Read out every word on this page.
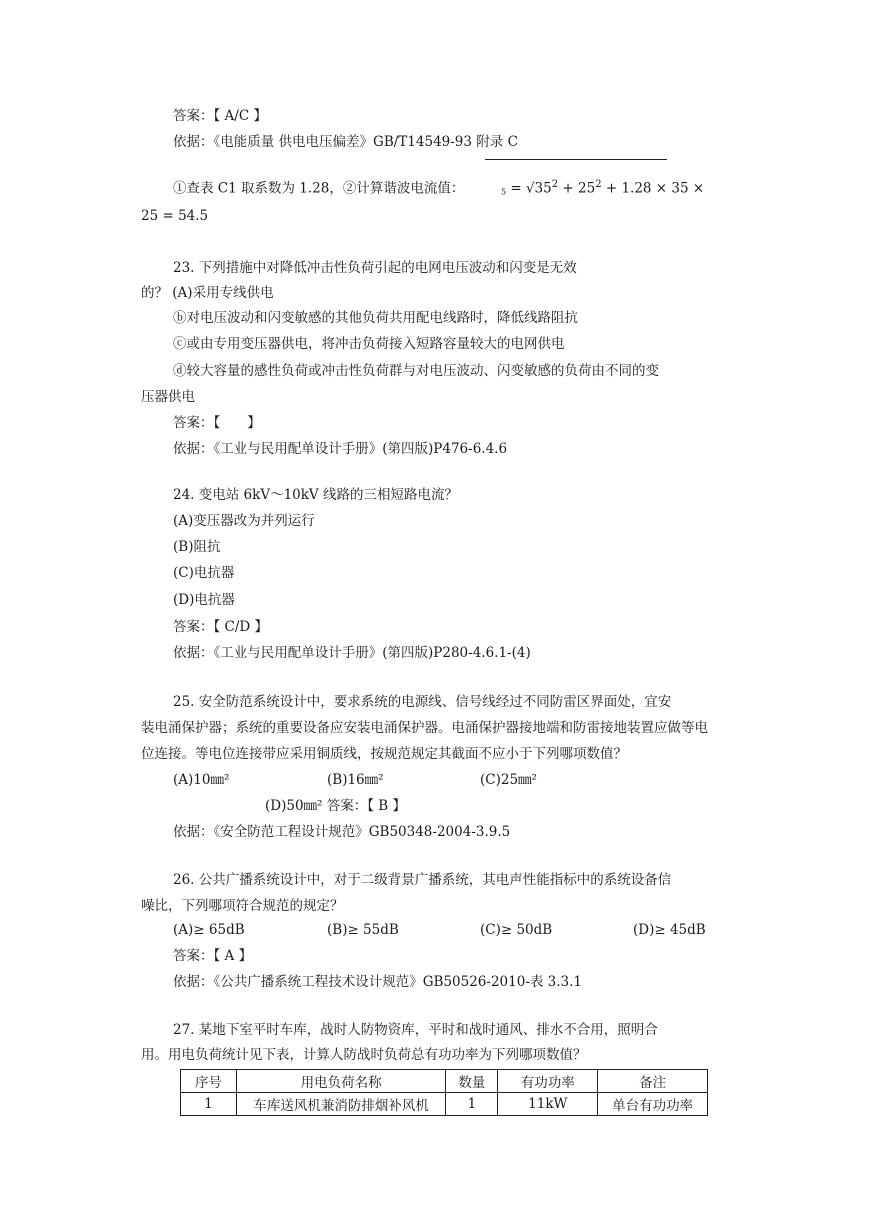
答案：【 A/C 】
依据：《电能质量 供电电压偏差》GB/T14549-93 附录 C
①查表 C1 取系数为 1.28，②计算谐波电流值：	$5 = √35^2 + 25^2 + 1.28 \times 35$ ×
25 = 54.5
23. 下列措施中对降低冲击性负荷引起的电网电压波动和闪变是无效
的？ (A)采用专线供电
ⓑ对电压波动和闪变敏感的其他负荷共用配电线路时，降低线路阻抗
ⓒ或由专用变压器供电，将冲击负荷接入短路容量较大的电网供电
ⓓ较大容量的感性负荷或冲击性负荷群与对电压波动、闪变敏感的负荷由不同的变
压器供电
答案：【　　】
依据：《工业与民用配单设计手册》(第四版)P476-6.4.6
24. 变电站 6kV～10kV 线路的三相短路电流？
(A)变压器改为并列运行
(B)阻抗
(C)电抗器
(D)电抗器
答案：【 C/D 】
依据：《工业与民用配单设计手册》(第四版)P280-4.6.1-(4)
25. 安全防范系统设计中，要求系统的电源线、信号线经过不同防雷区界面处，宜安
装电涌保护器；系统的重要设备应安装电涌保护器。电涌保护器接地端和防雷接地装置应做等电
位连接。等电位连接带应采用铜质线，按规范规定其截面不应小于下列哪项数值？
(A)10㎜²	(B)16㎜²	(C)25㎜²
(D)50㎜² 答案：【 B 】
依据：《安全防范工程设计规范》GB50348-2004-3.9.5
26. 公共广播系统设计中，对于二级背景广播系统，其电声性能指标中的系统设备信
噪比，下列哪项符合规范的规定？
(A)≥ 65dB	(B)≥ 55dB	(C)≥ 50dB	(D)≥ 45dB
答案：【 A 】
依据：《公共广播系统工程技术设计规范》GB50526-2010-表 3.3.1
27. 某地下室平时车库，战时人防物资库，平时和战时通风、排水不合用，照明合
用。用电负荷统计见下表，计算人防战时负荷总有功功率为下列哪项数值？
序号	用电负荷名称	数量	有功功率	备注
1	车库送风机兼消防排烟补风机	1	11kW	单台有功功率
